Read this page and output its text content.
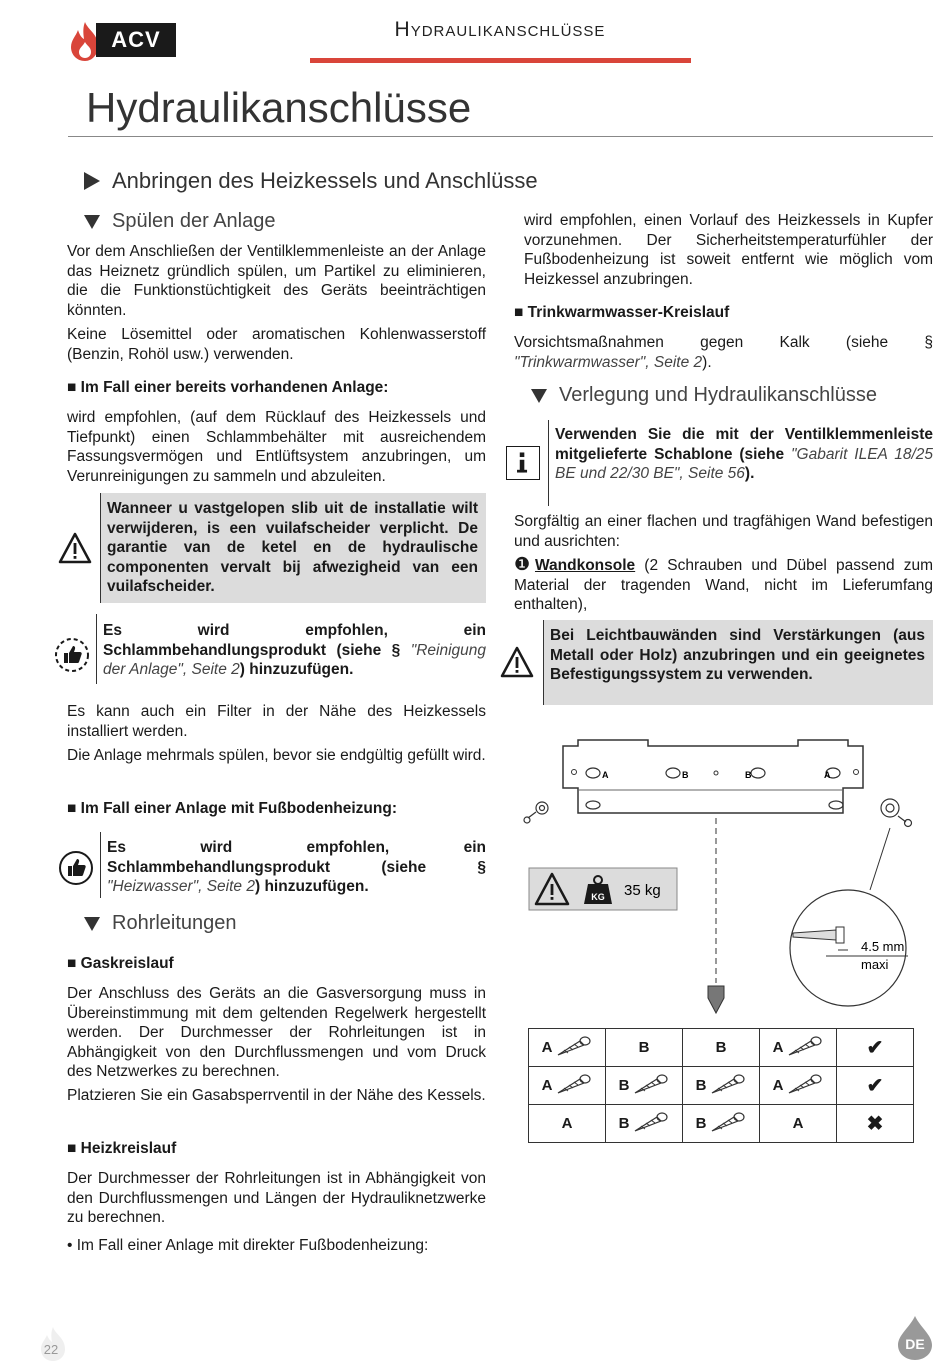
ACV	Hydraulikanschlüsse
Hydraulikanschlüsse
Anbringen des Heizkessels und Anschlüsse
Spülen der Anlage

Vor dem Anschließen der Ventilklemmenleiste an der Anlage das Heiznetz gründlich spülen, um Partikel zu eliminieren, die die Funktionstüchtigkeit des Geräts beeinträchtigen könnten.

Keine Lösemittel oder aromatischen Kohlenwasserstoff (Benzin, Rohöl usw.) verwenden.

■ Im Fall einer bereits vorhandenen Anlage:

wird empfohlen, (auf dem Rücklauf des Heizkessels und Tiefpunkt) einen Schlammbehälter mit ausreichendem Fassungsvermögen und Entlüftsystem anzubringen, um Verunreinigungen zu sammeln und abzuleiten.

Wanneer u vastgelopen slib uit de installatie wilt verwijderen, is een vuilafscheider verplicht. De garantie van de ketel en de hydraulische componenten vervalt bij afwezigheid van een vuilafscheider.
Es wird empfohlen, ein Schlammbehandlungsprodukt (siehe § "Reinigung der Anlage", Seite 2) hinzuzufügen.

Es kann auch ein Filter in der Nähe des Heizkessels installiert werden.

Die Anlage mehrmals spülen, bevor sie endgültig gefüllt wird.

■ Im Fall einer Anlage mit Fußbodenheizung:
Es wird empfohlen, ein Schlammbehandlungsprodukt (siehe § "Heizwasser", Seite 2) hinzuzufügen.
Rohrleitungen
■ Gaskreislauf

Der Anschluss des Geräts an die Gasversorgung muss in Übereinstimmung mit dem geltenden Regelwerk hergestellt werden. Der Durchmesser der Rohrleitungen ist in Abhängigkeit von den Durchflussmengen und vom Druck des Netzwerkes zu berechnen.

Platzieren Sie ein Gasabsperrventil in der Nähe des Kessels.

■ Heizkreislauf

Der Durchmesser der Rohrleitungen ist in Abhängigkeit von den Durchflussmengen und Längen der Hydrauliknetzwerke zu berechnen.

• Im Fall einer Anlage mit direkter Fußbodenheizung:

wird empfohlen, einen Vorlauf des Heizkessels in Kupfer vorzunehmen. Der Sicherheitstemperaturfühler der Fußbodenheizung ist soweit entfernt wie möglich vom Heizkessel anzubringen.

■ Trinkwarmwasser-Kreislauf

Vorsichtsmaßnahmen gegen Kalk (siehe § "Trinkwarmwasser", Seite 2).

Verlegung und Hydraulikanschlüsse
Verwenden Sie die mit der Ventilklemmenleiste mitgelieferte Schablone (siehe "Gabarit ILEA 18/25 BE und 22/30 BE", Seite 56).

Sorgfältig an einer flachen und tragfähigen Wand befestigen und ausrichten:

❶Wandkonsole (2 Schrauben und Dübel passend zum Material der tragenden Wand, nicht im Lieferumfang enthalten),

Bei Leichtbauwänden sind Verstärkungen (aus Metall oder Holz) anzubringen und ein geeignetes Befestigungssystem zu verwenden.
A	B	B	A
KG 35 kg
4.5 mm
maxi
A	B	B	A	✔

A	B	B	A	✔

A	B	B	A	✖
22	DE
